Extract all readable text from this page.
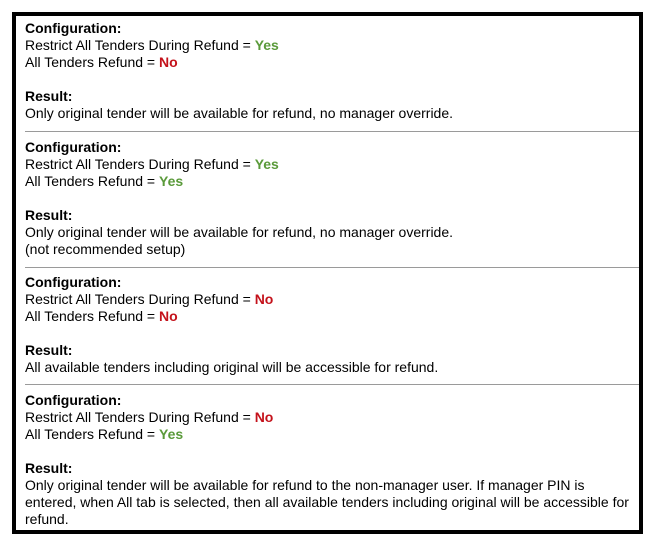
Configuration:
Restrict All Tenders During Refund = Yes
All Tenders Refund = No
Result:
Only original tender will be available for refund, no manager override.
Configuration:
Restrict All Tenders During Refund = Yes
All Tenders Refund = Yes
Result:
Only original tender will be available for refund, no manager override.
(not recommended setup)
Configuration:
Restrict All Tenders During Refund = No
All Tenders Refund = No
Result:
All available tenders including original will be accessible for refund.
Configuration:
Restrict All Tenders During Refund = No
All Tenders Refund = Yes
Result:
Only original tender will be available for refund to the non-manager user. If manager PIN is entered, when All tab is selected, then all available tenders including original will be accessible for refund.
